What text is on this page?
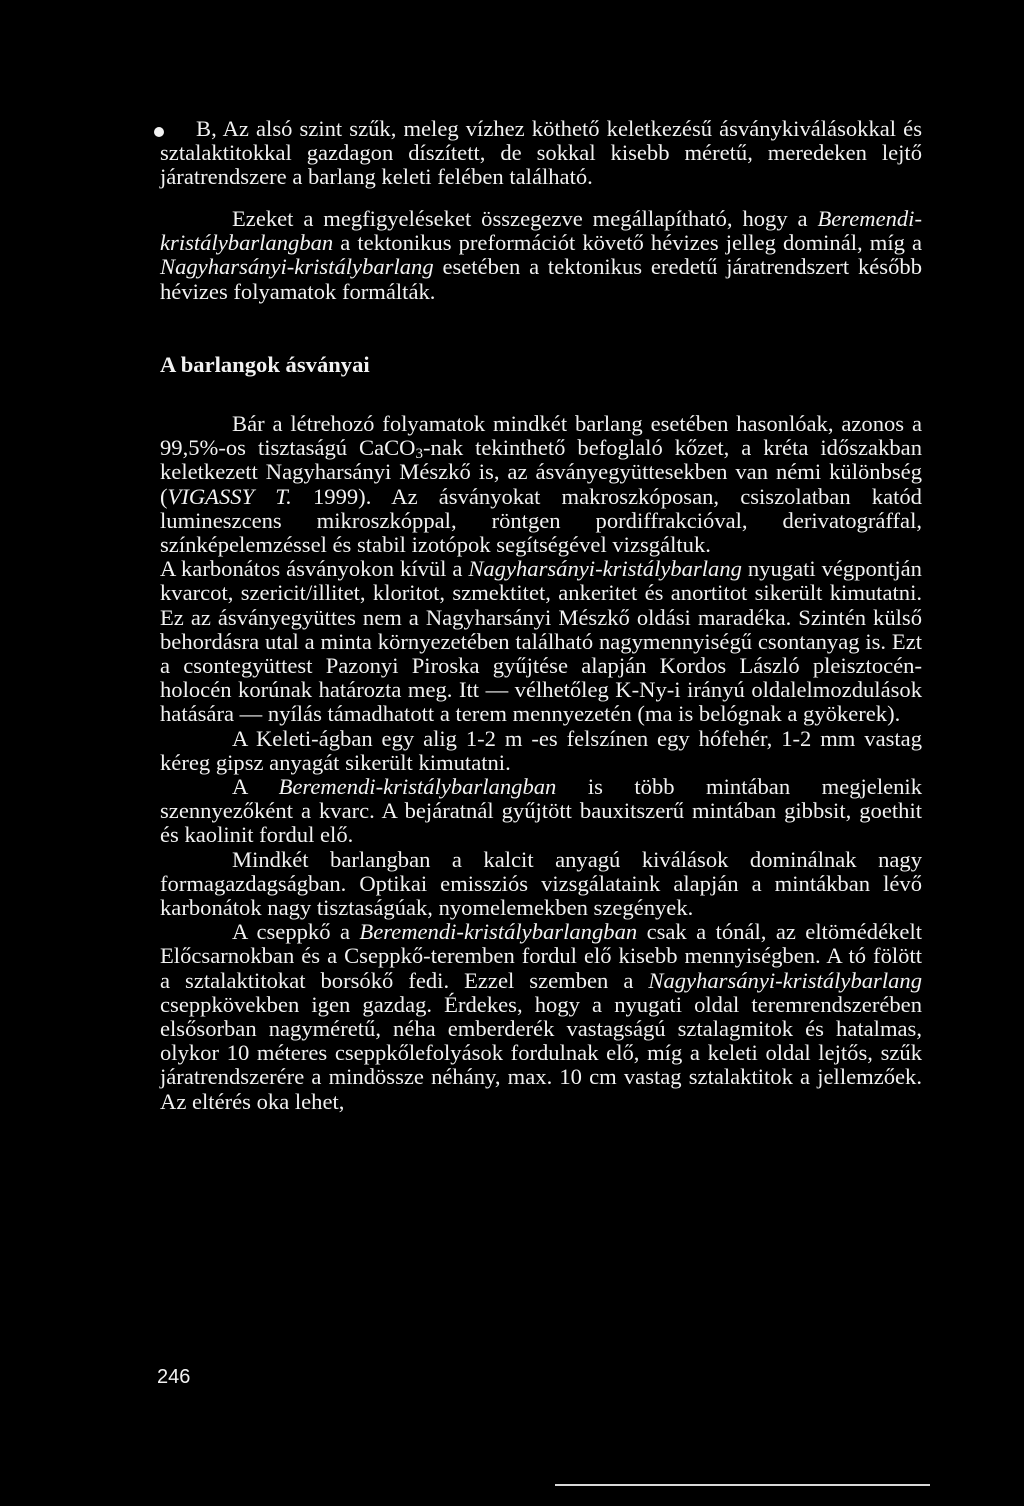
B, Az alsó szint szűk, meleg vízhez köthető keletkezésű ásványkiválásokkal és sztalaktitokkal gazdagon díszített, de sokkal kisebb méretű, meredeken lejtő járatrendszere a barlang keleti felében található.

Ezeket a megfigyeléseket összegezve megállapítható, hogy a Beremendi-kristálybarlangban a tektonikus preformációt követő hévizes jelleg dominál, míg a Nagyharsányi-kristálybarlang esetében a tektonikus eredetű járatrendszert később hévizes folyamatok formálták.

A barlangok ásványai

Bár a létrehozó folyamatok mindkét barlang esetében hasonlóak, azonos a 99,5%-os tisztaságú CaCO$_3$-nak tekinthető befoglaló kőzet, a kréta időszakban keletkezett Nagyharsányi Mészkő is, az ásványegyüttesekben van némi különbség (VIGASSY T. 1999). Az ásványokat makroszkóposan, csiszolatban katód lumineszcens mikroszkóppal, röntgen pordiffrakcióval, derivatográffal, színképelemzéssel és stabil izotópok segítségével vizsgáltuk.

A karbonátos ásványokon kívül a Nagyharsányi-kristálybarlang nyugati végpontján kvarcot, szericit/illitet, kloritot, szmektitet, ankeritet és anortitot sikerült kimutatni. Ez az ásványegyüttes nem a Nagyharsányi Mészkő oldási maradéka. Szintén külső behordásra utal a minta környezetében található nagymennyiségű csontanyag is. Ezt a csontegyüttest Pazonyi Piroska gyűjtése alapján Kordos László pleisztocén-holocén korúnak határozta meg. Itt — vélhetőleg K-Ny-i irányú oldalelmozdulások hatására — nyílás támadhatott a terem mennyezetén (ma is belógnak a gyökerek).

A Keleti-ágban egy alig 1-2 m -es felszínen egy hófehér, 1-2 mm vastag kéreg gipsz anyagát sikerült kimutatni.

A Beremendi-kristálybarlangban is több mintában megjelenik szennyezőként a kvarc. A bejáratnál gyűjtött bauxitszerű mintában gibbsit, goethit és kaolinit fordul elő.

Mindkét barlangban a kalcit anyagú kiválások dominálnak nagy formagazdagságban. Optikai emissziós vizsgálataink alapján a mintákban lévő karbonátok nagy tisztaságúak, nyomelemekben szegények.

A cseppkő a Beremendi-kristálybarlangban csak a tónál, az eltömédékelt Előcsarnokban és a Cseppkő-teremben fordul elő kisebb mennyiségben. A tó fölött a sztalaktitokat borsókő fedi. Ezzel szemben a Nagyharsányi-kristálybarlang cseppkövekben igen gazdag. Érdekes, hogy a nyugati oldal teremrendszerében elsősorban nagyméretű, néha emberderék vastagságú sztalagmitok és hatalmas, olykor 10 méteres cseppkőlefolyások fordulnak elő, míg a keleti oldal lejtős, szűk járatrendszerére a mindössze néhány, max. 10 cm vastag sztalaktitok a jellemzőek. Az eltérés oka lehet,

246
